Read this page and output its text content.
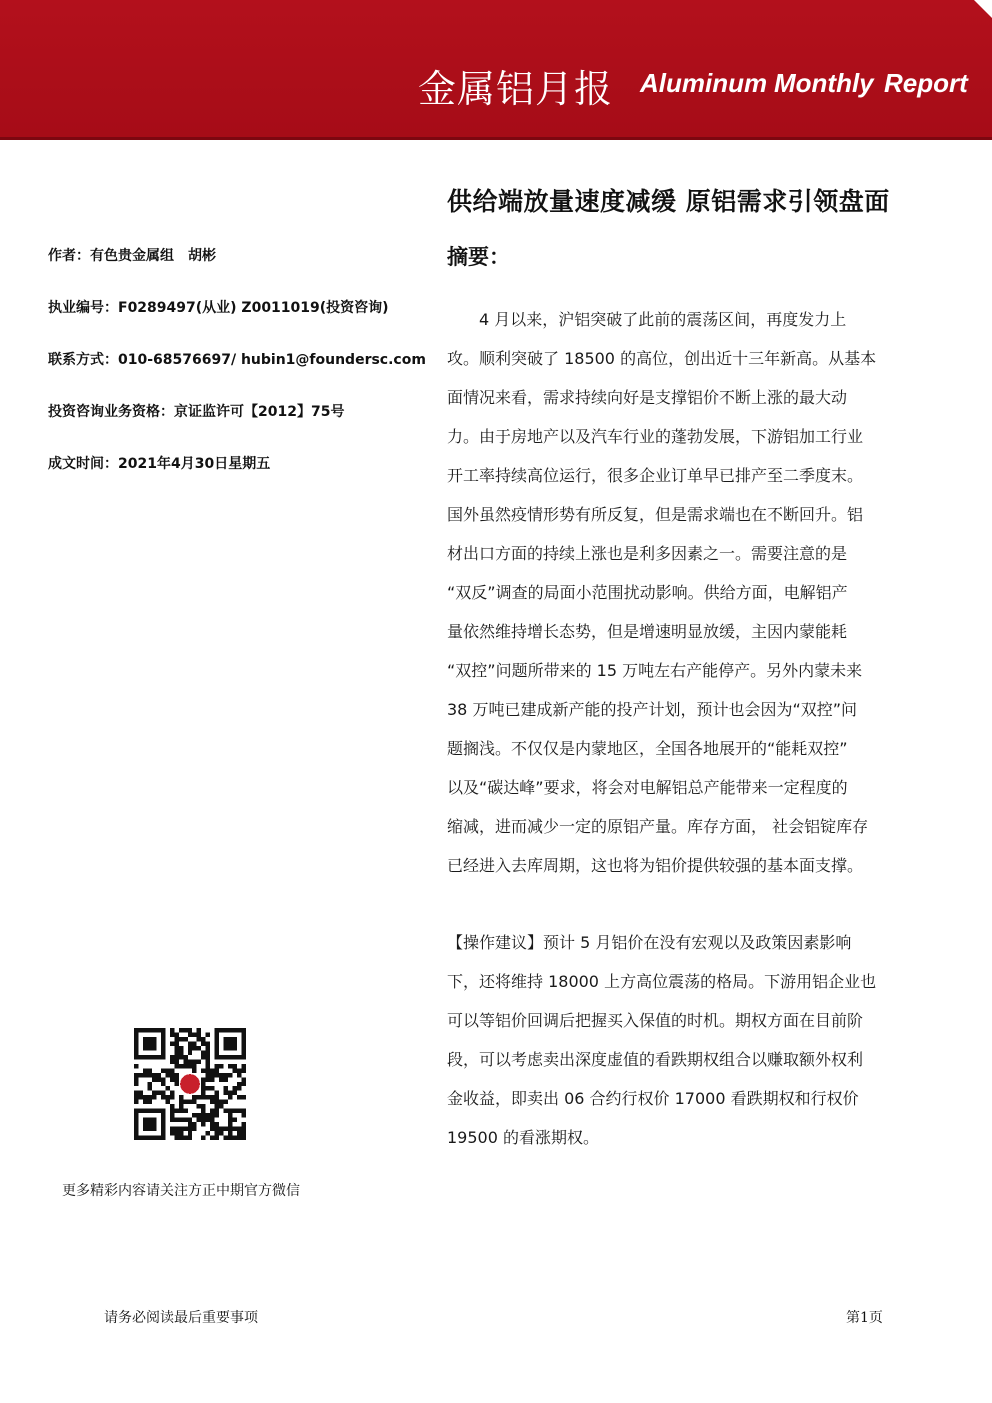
金属铝月报 Aluminum Monthly Report
作者：有色贵金属组　胡彬
执业编号：F0289497(从业) Z0011019(投资咨询)
联系方式：010-68576697/ hubin1@foundersc.com
投资咨询业务资格：京证监许可【2012】75号
成文时间：2021年4月30日星期五
供给端放量速度减缓 原铝需求引领盘面
摘要：
　　4 月以来，沪铝突破了此前的震荡区间，再度发力上
攻。顺利突破了 18500 的高位，创出近十三年新高。从基本
面情况来看，需求持续向好是支撑铝价不断上涨的最大动
力。由于房地产以及汽车行业的蓬勃发展，下游铝加工行业
开工率持续高位运行，很多企业订单早已排产至二季度末。
国外虽然疫情形势有所反复，但是需求端也在不断回升。铝
材出口方面的持续上涨也是利多因素之一。需要注意的是
“双反”调查的局面小范围扰动影响。供给方面，电解铝产
量依然维持增长态势，但是增速明显放缓，主因内蒙能耗
“双控”问题所带来的 15 万吨左右产能停产。另外内蒙未来
38 万吨已建成新产能的投产计划，预计也会因为“双控”问
题搁浅。不仅仅是内蒙地区，全国各地展开的“能耗双控”
以及“碳达峰”要求，将会对电解铝总产能带来一定程度的
缩减，进而减少一定的原铝产量。库存方面， 社会铝锭库存
已经进入去库周期，这也将为铝价提供较强的基本面支撑。
【操作建议】预计 5 月铝价在没有宏观以及政策因素影响
下，还将维持 18000 上方高位震荡的格局。下游用铝企业也
可以等铝价回调后把握买入保值的时机。期权方面在目前阶
段，可以考虑卖出深度虚值的看跌期权组合以赚取额外权利
金收益，即卖出 06 合约行权价 17000 看跌期权和行权价
19500 的看涨期权。
更多精彩内容请关注方正中期官方微信
请务必阅读最后重要事项	第1页
